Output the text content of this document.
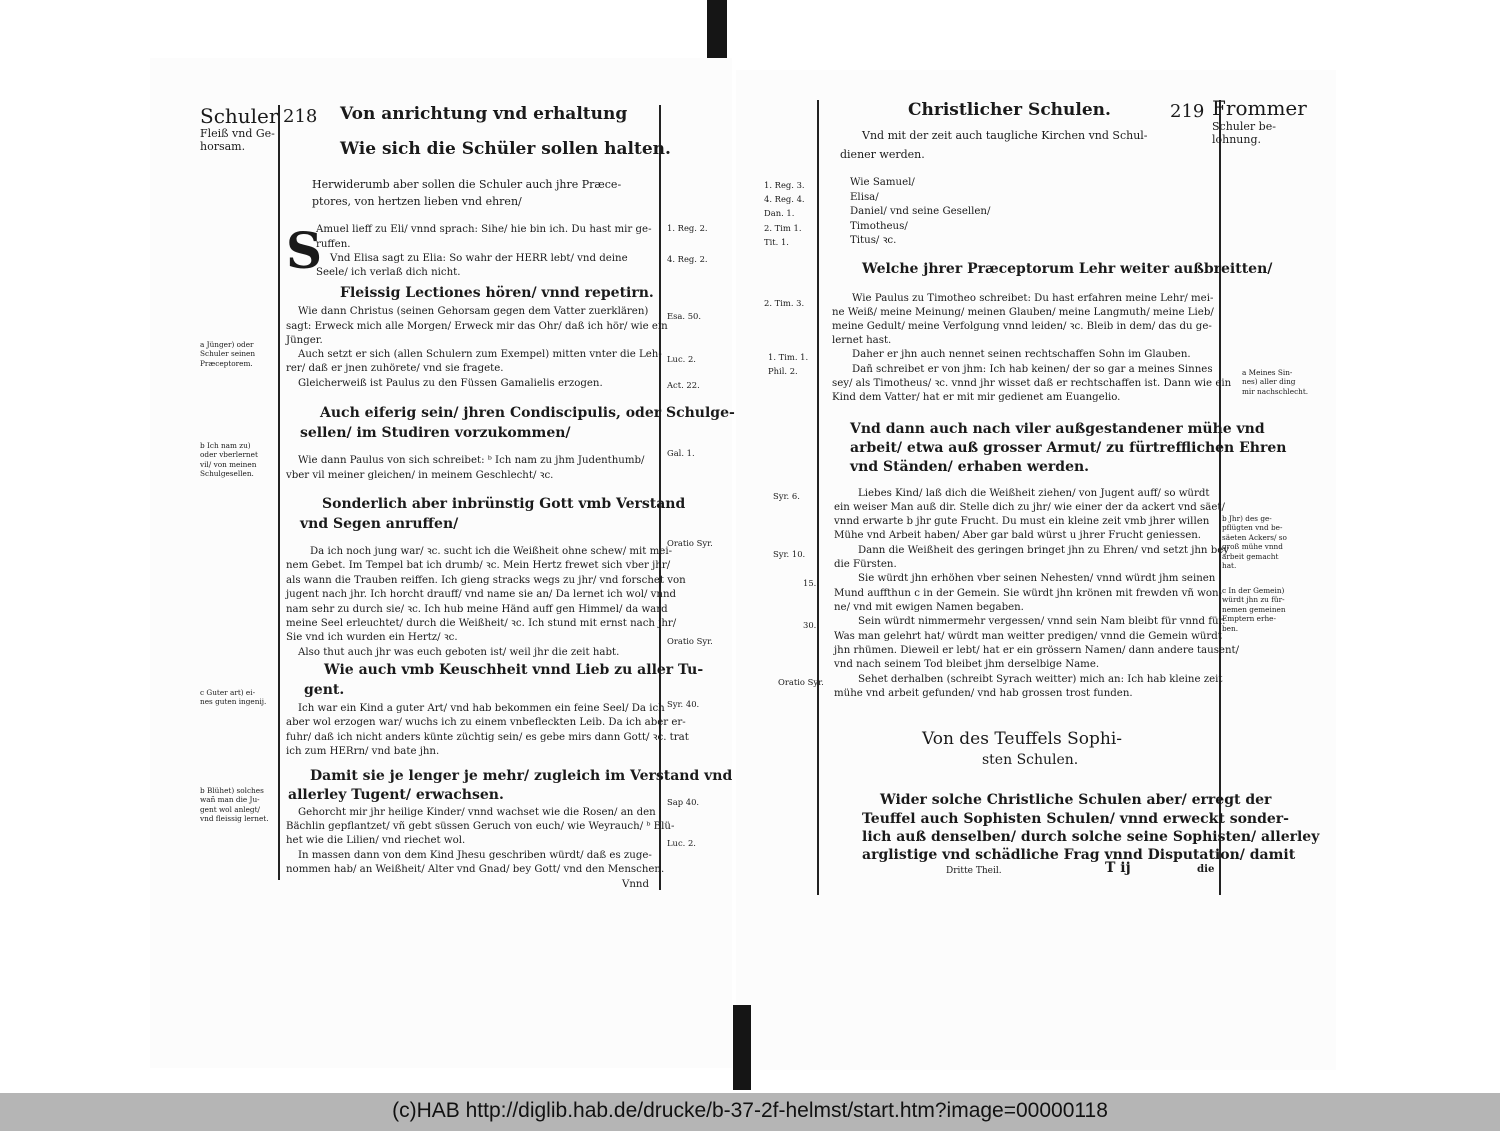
Schuler
Fleiß vnd Ge-
horsam.
218 Von anrichtung vnd erhaltung
Wie sich die Schüler sollen halten.
Herwiderumb aber sollen die Schuler auch jhre Præce-
ptores, von hertzen lieben vnd ehren/
S
Amuel lieff zu Eli/ vnnd sprach: Sihe/ hie bin ich. Du hast mir ge-
ruffen.
Vnd Elisa sagt zu Elia: So wahr der HERR lebt/ vnd deine
Seele/ ich verlaß dich nicht.
Fleissig Lectiones hören/ vnnd repetirn.
Wie dann Christus (seinen Gehorsam gegen dem Vatter zuerklären)
sagt: Erweck mich alle Morgen/ Erweck mir das Ohr/ daß ich hör/ wie ein
Jünger.
Auch setzt er sich (allen Schulern zum Exempel) mitten vnter die Leh-
rer/ daß er jnen zuhörete/ vnd sie fragete.
Gleicherweiß ist Paulus zu den Füssen Gamalielis erzogen.
Auch eiferig sein/ jhren Condiscipulis, oder Schulge-
sellen/ im Studiren vorzukommen/
Wie dann Paulus von sich schreibet: ᵇ Ich nam zu jhm Judenthumb/
vber vil meiner gleichen/ in meinem Geschlecht/ ꝛc.
Sonderlich aber inbrünstig Gott vmb Verstand
vnd Segen anruffen/
Da ich noch jung war/ ꝛc. sucht ich die Weißheit ohne schew/ mit mei-
nem Gebet. Im Tempel bat ich drumb/ ꝛc. Mein Hertz frewet sich vber jhr/
als wann die Trauben reiffen. Ich gieng stracks wegs zu jhr/ vnd forschet von
jugent nach jhr. Ich horcht drauff/ vnd name sie an/ Da lernet ich wol/ vnnd
nam sehr zu durch sie/ ꝛc. Ich hub meine Händ auff gen Himmel/ da ward
meine Seel erleuchtet/ durch die Weißheit/ ꝛc. Ich stund mit ernst nach jhr/
Sie vnd ich wurden ein Hertz/ ꝛc.
Also thut auch jhr was euch geboten ist/ weil jhr die zeit habt.
Wie auch vmb Keuschheit vnnd Lieb zu aller Tu-
gent.
Ich war ein Kind a guter Art/ vnd hab bekommen ein feine Seel/ Da ich
aber wol erzogen war/ wuchs ich zu einem vnbefleckten Leib. Da ich aber er-
fuhr/ daß ich nicht anders künte züchtig sein/ es gebe mirs dann Gott/ ꝛc. trat
ich zum HERrn/ vnd bate jhn.
Damit sie je lenger je mehr/ zugleich im Verstand vnd
allerley Tugent/ erwachsen.
Gehorcht mir jhr heilige Kinder/ vnnd wachset wie die Rosen/ an den
Bächlin gepflantzet/ vñ gebt süssen Geruch von euch/ wie Weyrauch/ ᵇ Blü-
het wie die Lilien/ vnd riechet wol.
In massen dann von dem Kind Jhesu geschriben würdt/ daß es zuge-
nommen hab/ an Weißheit/ Alter vnd Gnad/ bey Gott/ vnd den Menschen.
Vnnd
1. Reg. 2.
4. Reg. 2.
Esa. 50.
Luc. 2.
Act. 22.
Gal. 1.
Oratio Syr.
Oratio Syr.
Syr. 40.
Sap 40.
Luc. 2.
a Jünger) oder
Schuler seinen
Præceptorem.
b Ich nam zu)
oder vberlernet
vil/ von meinen
Schulgesellen.
c Guter art) ei-
nes guten ingenij.
b Blühet) solches
wañ man die Ju-
gent wol anlegt/
vnd fleissig lernet.
Christlicher Schulen.	219 Frommer
Schuler be-
lohnung.
Vnd mit der zeit auch taugliche Kirchen vnd Schul-
diener werden.
Wie Samuel/
Elisa/
Daniel/ vnd seine Gesellen/
Timotheus/
Titus/ ꝛc.
Welche jhrer Præceptorum Lehr weiter außbreitten/
Wie Paulus zu Timotheo schreibet: Du hast erfahren meine Lehr/ mei-
ne Weiß/ meine Meinung/ meinen Glauben/ meine Langmuth/ meine Lieb/
meine Gedult/ meine Verfolgung vnnd leiden/ ꝛc. Bleib in dem/ das du ge-
lernet hast.
Daher er jhn auch nennet seinen rechtschaffen Sohn im Glauben.
Dañ schreibet er von jhm: Ich hab keinen/ der so gar a meines Sinnes
sey/ als Timotheus/ ꝛc. vnnd jhr wisset daß er rechtschaffen ist. Dann wie ein
Kind dem Vatter/ hat er mit mir gedienet am Euangelio.
Vnd dann auch nach viler außgestandener mühe vnd
arbeit/ etwa auß grosser Armut/ zu fürtrefflichen Ehren
vnd Ständen/ erhaben werden.
Liebes Kind/ laß dich die Weißheit ziehen/ von Jugent auff/ so würdt
ein weiser Man auß dir. Stelle dich zu jhr/ wie einer der da ackert vnd säet/
vnnd erwarte b jhr gute Frucht. Du must ein kleine zeit vmb jhrer willen
Mühe vnd Arbeit haben/ Aber gar bald würst u jhrer Frucht geniessen.
Dann die Weißheit des geringen bringet jhn zu Ehren/ vnd setzt jhn bey
die Fürsten.
Sie würdt jhn erhöhen vber seinen Nehesten/ vnnd würdt jhm seinen
Mund auffthun c in der Gemein. Sie würdt jhn krönen mit frewden vñ won-
ne/ vnd mit ewigen Namen begaben.
Sein würdt nimmermehr vergessen/ vnnd sein Nam bleibt für vnnd für.
Was man gelehrt hat/ würdt man weitter predigen/ vnnd die Gemein würdt
jhn rhümen. Dieweil er lebt/ hat er ein grössern Namen/ dann andere tausent/
vnd nach seinem Tod bleibet jhm derselbige Name.
Sehet derhalben (schreibt Syrach weitter) mich an: Ich hab kleine zeit
mühe vnd arbeit gefunden/ vnd hab grossen trost funden.
Von des Teuffels Sophi-
sten Schulen.
Wider solche Christliche Schulen aber/ erregt der
Teuffel auch Sophisten Schulen/ vnnd erweckt sonder-
lich auß denselben/ durch solche seine Sophisten/ allerley
arglistige vnd schädliche Frag vnnd Disputation/ damit
Dritte Theil.	T ij	die
1. Reg. 3.
4. Reg. 4.
Dan. 1.
2. Tim 1.
Tit. 1.
2. Tim. 3.
1. Tim. 1.
Phil. 2.
Syr. 6.
Syr. 10.
15.
30.
Oratio Syr.
a Meines Sin-
nes) aller ding
mir nachschlecht.
b Jhr) des ge-
pflügten vnd be-
säeten Ackers/ so
groß mühe vnnd
arbeit gemacht
hat.
c In der Gemein)
würdt jhn zu für-
nemen gemeinen
Emptern erhe-
ben.
(c)HAB http://diglib.hab.de/drucke/b-37-2f-helmst/start.htm?image=00000118
